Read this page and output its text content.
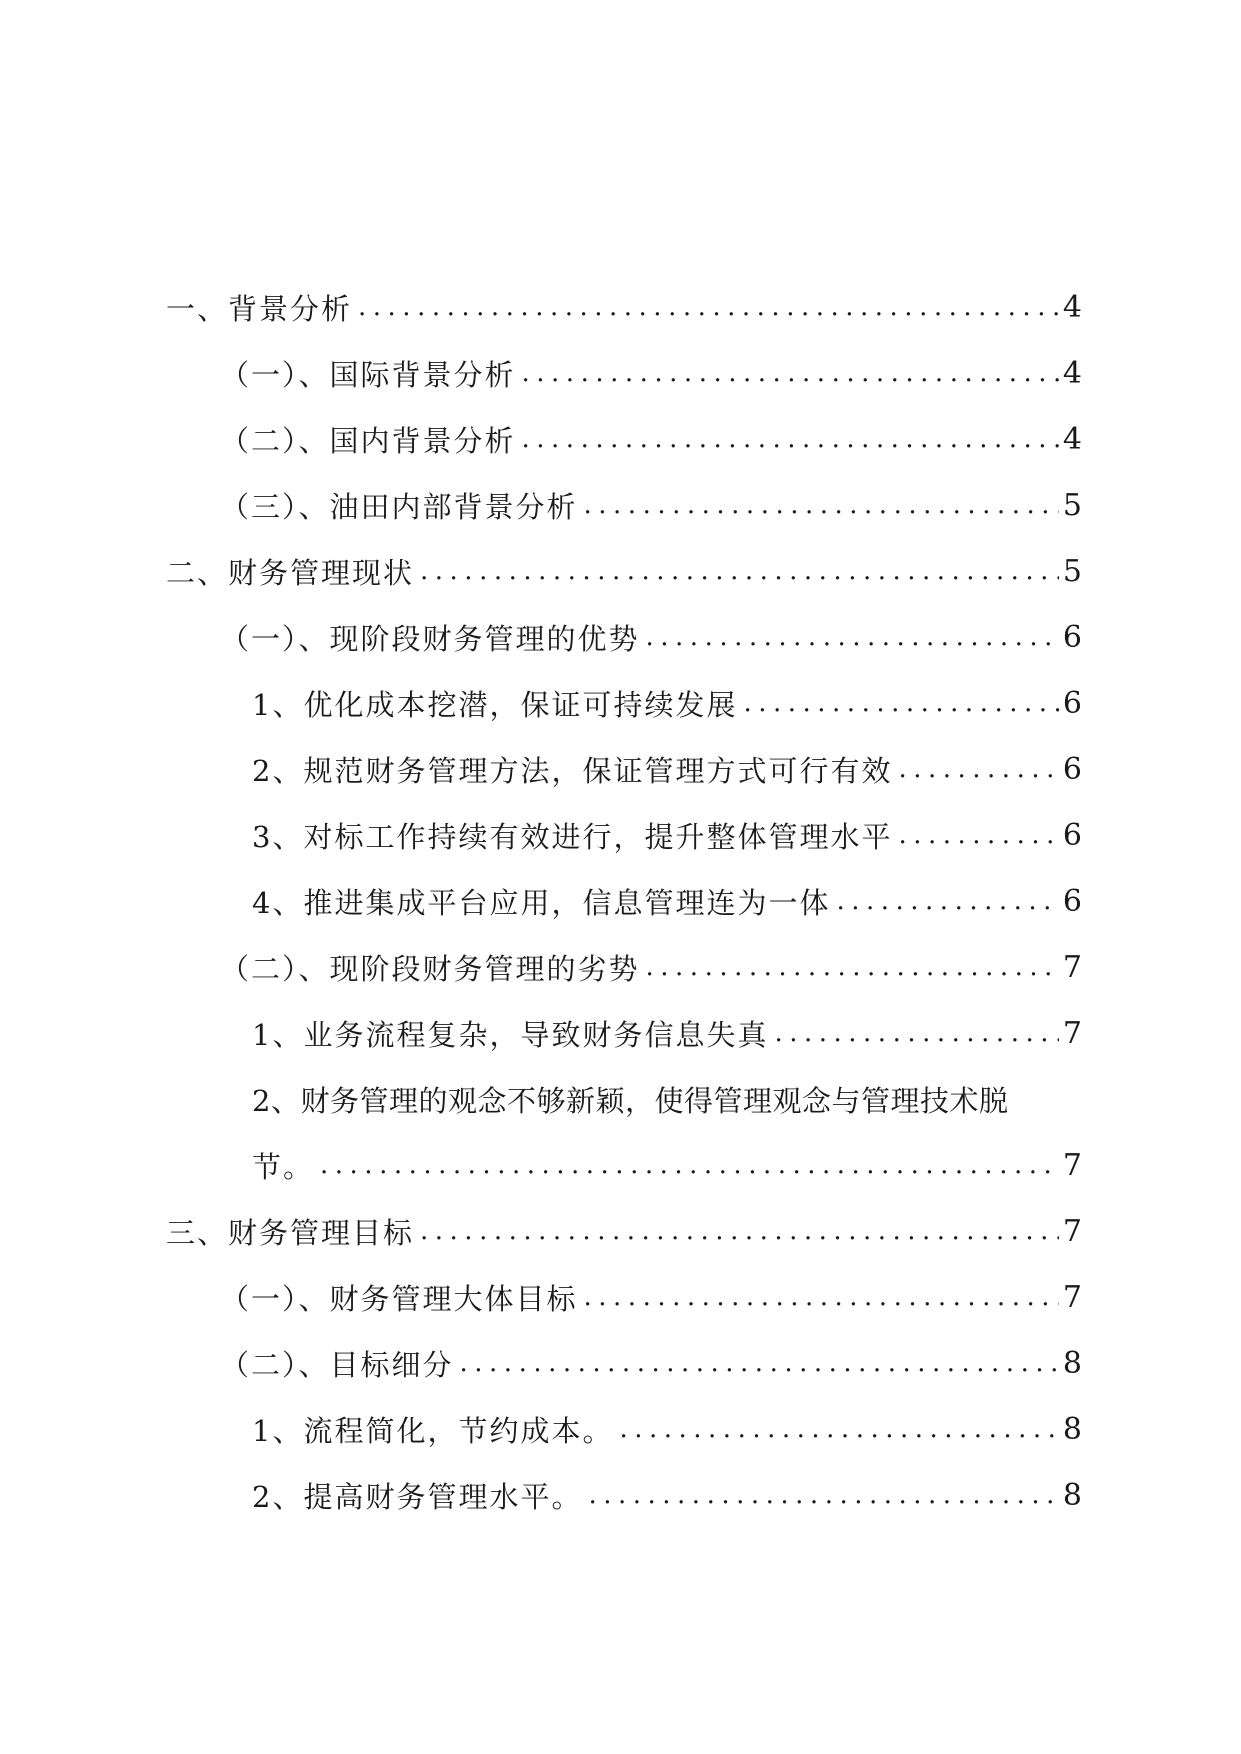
一、背景分析 .....	4
（一）、国际背景分析 .....	4
（二）、国内背景分析 .....	4
（三）、油田内部背景分析 .....	5
二、财务管理现状 .....	5
（一）、现阶段财务管理的优势 .....	6
1、优化成本挖潜，保证可持续发展 .....	6
2、规范财务管理方法，保证管理方式可行有效 .....	6
3、对标工作持续有效进行，提升整体管理水平 .....	6
4、推进集成平台应用，信息管理连为一体 .....	6
（二）、现阶段财务管理的劣势 .....	7
1、业务流程复杂，导致财务信息失真 .....	7
2、财务管理的观念不够新颖，使得管理观念与管理技术脱
节。 .....	7
三、财务管理目标 .....	7
（一）、财务管理大体目标 .....	7
（二）、目标细分 .....	8
1、流程简化，节约成本。 .....	8
2、提高财务管理水平。 .....	8
